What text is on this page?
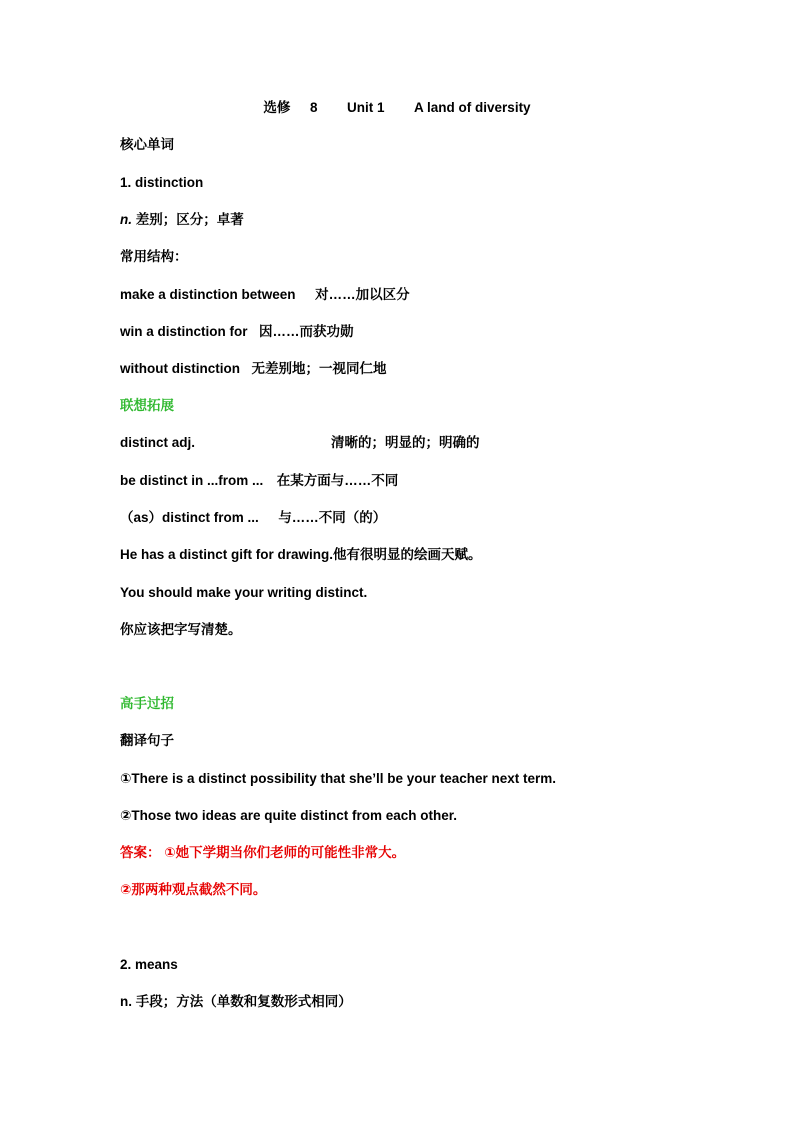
选修 8 Unit 1 A land of diversity
核心单词
1. distinction
n. 差别；区分；卓著
常用结构：
make a distinction between 对……加以区分
win a distinction for 因……而获功勋
without distinction 无差别地；一视同仁地
联想拓展
distinct adj.	清晰的；明显的；明确的
be distinct in ...from ... 在某方面与……不同
（as）distinct from ... 与……不同（的）
He has a distinct gift for drawing.他有很明显的绘画天赋。
You should make your writing distinct.
你应该把字写清楚。
高手过招
翻译句子
①There is a distinct possibility that she’ll be your teacher next term.
②Those two ideas are quite distinct from each other.
答案： ①她下学期当你们老师的可能性非常大。
②那两种观点截然不同。
2. means
n. 手段；方法（单数和复数形式相同）
